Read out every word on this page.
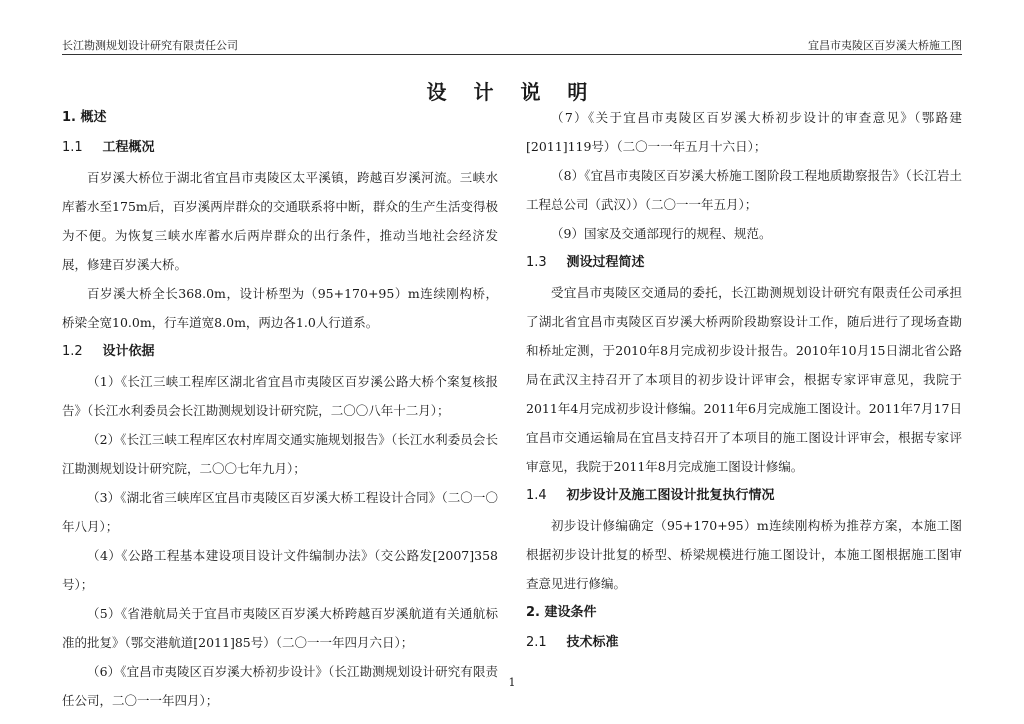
长江勘测规划设计研究有限责任公司	宜昌市夷陵区百岁溪大桥施工图
设 计 说 明
1. 概述
1.1 工程概况
百岁溪大桥位于湖北省宜昌市夷陵区太平溪镇，跨越百岁溪河流。三峡水库蓄水至175m后，百岁溪两岸群众的交通联系将中断，群众的生产生活变得极为不便。为恢复三峡水库蓄水后两岸群众的出行条件，推动当地社会经济发展，修建百岁溪大桥。
百岁溪大桥全长368.0m，设计桥型为（95+170+95）m连续刚构桥，桥梁全宽10.0m，行车道宽8.0m，两边各1.0人行道系。
1.2 设计依据
（1）《长江三峡工程库区湖北省宜昌市夷陵区百岁溪公路大桥个案复核报告》（长江水利委员会长江勘测规划设计研究院，二〇〇八年十二月）；
（2）《长江三峡工程库区农村库周交通实施规划报告》（长江水利委员会长江勘测规划设计研究院，二〇〇七年九月）；
（3）《湖北省三峡库区宜昌市夷陵区百岁溪大桥工程设计合同》（二〇一〇年八月）；
（4）《公路工程基本建设项目设计文件编制办法》（交公路发[2007]358号）；
（5）《省港航局关于宜昌市夷陵区百岁溪大桥跨越百岁溪航道有关通航标准的批复》（鄂交港航道[2011]85号）（二〇一一年四月六日）；
（6）《宜昌市夷陵区百岁溪大桥初步设计》（长江勘测规划设计研究有限责任公司，二〇一一年四月）；
（7）《关于宜昌市夷陵区百岁溪大桥初步设计的审查意见》（鄂路建[2011]119号）（二〇一一年五月十六日）；
（8）《宜昌市夷陵区百岁溪大桥施工图阶段工程地质勘察报告》（长江岩土工程总公司（武汉））（二〇一一年五月）；
（9）国家及交通部现行的规程、规范。
1.3 测设过程简述
受宜昌市夷陵区交通局的委托，长江勘测规划设计研究有限责任公司承担了湖北省宜昌市夷陵区百岁溪大桥两阶段勘察设计工作，随后进行了现场查勘和桥址定测，于2010年8月完成初步设计报告。2010年10月15日湖北省公路局在武汉主持召开了本项目的初步设计评审会，根据专家评审意见，我院于2011年4月完成初步设计修编。2011年6月完成施工图设计。2011年7月17日宜昌市交通运输局在宜昌支持召开了本项目的施工图设计评审会，根据专家评审意见，我院于2011年8月完成施工图设计修编。
1.4 初步设计及施工图设计批复执行情况
初步设计修编确定（95+170+95）m连续刚构桥为推荐方案，本施工图根据初步设计批复的桥型、桥梁规模进行施工图设计，本施工图根据施工图审查意见进行修编。
2. 建设条件
2.1 技术标准
1
